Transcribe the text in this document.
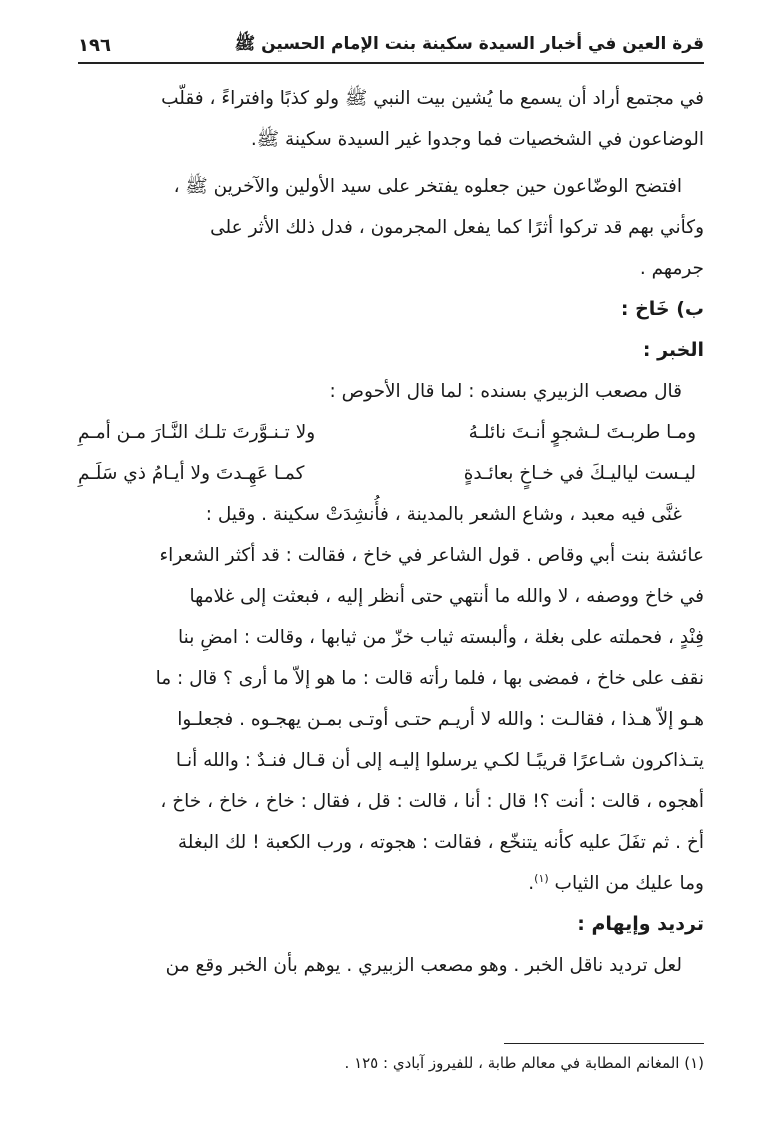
قرة العين في أخبار السيدة سكينة بنت الإمام الحسين ﷺ
١٩٦

في مجتمع أراد أن يسمع ما يُشين بيت النبي ﷺ ولو كذبًا وافتراءً ، فقلّب

الوضاعون في الشخصيات فما وجدوا غير السيدة سكينة ﷺ.

افتضح الوضّاعون حين جعلوه يفتخر على سيد الأولين والآخرين ﷺ ،

وكأني بهم قد تركوا أثرًا كما يفعل المجرمون ، فدل ذلك الأثر على

جرمهم .

ب) خَاخ :

الخبر :

قال مصعب الزبيري بسنده : لما قال الأحوص :

ومـا طربـتَ لـشجوٍ أنـتَ نائلـهُ
ولا تـنـوَّرتَ تلـك النَّـارَ مـن أمـمِ
ليـست لياليـكَ في خـاخٍ بعائـدةٍ
كمـا عَهِـدتَ ولا أيـامُ ذي سَلَـمِ

غنَّى فيه معبد ، وشاع الشعر بالمدينة ، فأُنشِدَتْ سكينة . وقيل :

عائشة بنت أبي وقاص . قول الشاعر في خاخ ، فقالت : قد أكثر الشعراء

في خاخ ووصفه ، لا والله ما أنتهي حتى أنظر إليه ، فبعثت إلى غلامها

فِنْدٍ ، فحملته على بغلة ، وألبسته ثياب خزّ من ثيابها ، وقالت : امضِ بنا

نقف على خاخ ، فمضى بها ، فلما رأته قالت : ما هو إلاّ ما أرى ؟ قال : ما

هـو إلاّ هـذا ، فقالـت : والله لا أريـم حتـى أوتـى بمـن يهجـوه . فجعلـوا

يتـذاكرون شـاعرًا قريبًـا لكـي يرسلوا إليـه إلى أن قـال فنـدٌ : والله أنـا

أهجوه ، قالت : أنت ؟! قال : أنا ، قالت : قل ، فقال : خاخ ، خاخ ، خاخ ،

أخ . ثم تفَلَ عليه كأنه يتنخّع ، فقالت : هجوته ، ورب الكعبة ! لك البغلة

وما عليك من الثياب $^{(١)}$.

ترديد وإيهام :

لعل ترديد ناقل الخبر . وهو مصعب الزبيري . يوهم بأن الخبر وقع من

(١) المغانم المطابة في معالم طابة ، للفيروز آبادي : ١٢٥ .
